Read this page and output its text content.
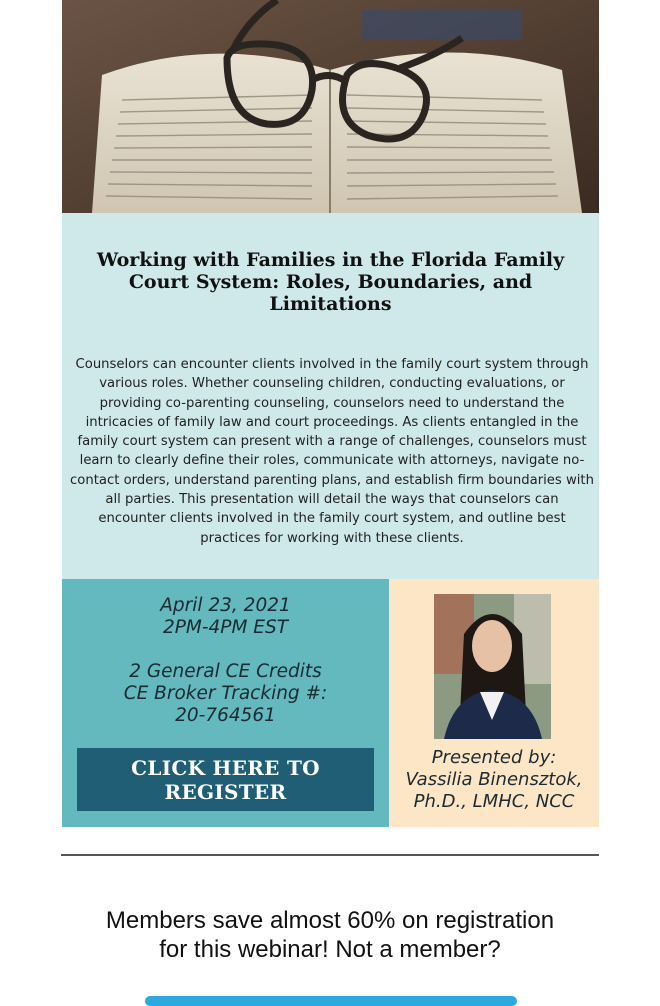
Working with Families in the Florida Family Court System: Roles, Boundaries, and Limitations

Counselors can encounter clients involved in the family court system through various roles. Whether counseling children, conducting evaluations, or providing co-parenting counseling, counselors need to understand the intricacies of family law and court proceedings. As clients entangled in the family court system can present with a range of challenges, counselors must learn to clearly define their roles, communicate with attorneys, navigate no-contact orders, understand parenting plans, and establish firm boundaries with all parties. This presentation will detail the ways that counselors can encounter clients involved in the family court system, and outline best practices for working with these clients.

April 23, 2021
2PM-4PM EST
2 General CE Credits
CE Broker Tracking #:
20-764561
CLICK HERE TO REGISTER
Presented by:
Vassilia Binensztok,
Ph.D., LMHC, NCC
Members save almost 60% on registration
for this webinar! Not a member?
